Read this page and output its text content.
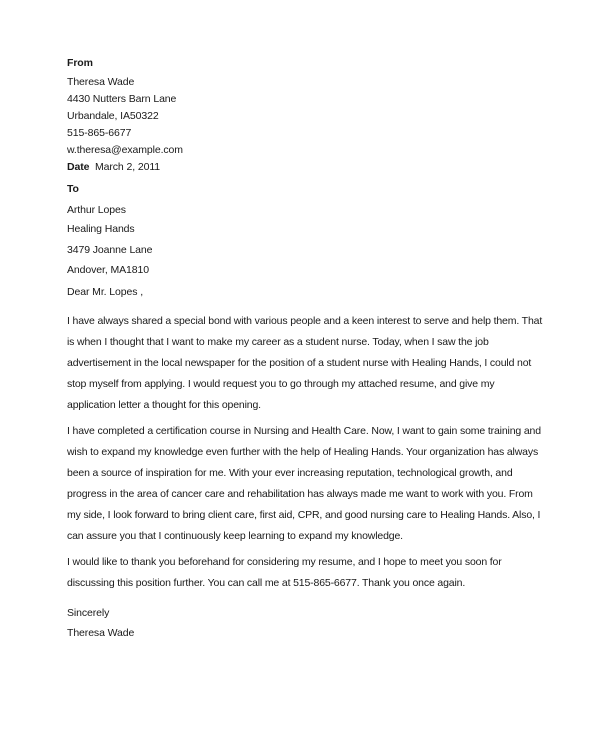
From
Theresa Wade
4430 Nutters Barn Lane
Urbandale, IA50322
515-865-6677
w.theresa@example.com
Date March 2, 2011
To
Arthur Lopes
Healing Hands
3479 Joanne Lane
Andover, MA1810
Dear Mr. Lopes ,
I have always shared a special bond with various people and a keen interest to serve and help them. That
is when I thought that I want to make my career as a student nurse. Today, when I saw the job
advertisement in the local newspaper for the position of a student nurse with Healing Hands, I could not
stop myself from applying. I would request you to go through my attached resume, and give my
application letter a thought for this opening.
I have completed a certification course in Nursing and Health Care. Now, I want to gain some training and
wish to expand my knowledge even further with the help of Healing Hands. Your organization has always
been a source of inspiration for me. With your ever increasing reputation, technological growth, and
progress in the area of cancer care and rehabilitation has always made me want to work with you. From
my side, I look forward to bring client care, first aid, CPR, and good nursing care to Healing Hands. Also, I
can assure you that I continuously keep learning to expand my knowledge.
I would like to thank you beforehand for considering my resume, and I hope to meet you soon for
discussing this position further. You can call me at 515-865-6677. Thank you once again.
Sincerely
Theresa Wade
